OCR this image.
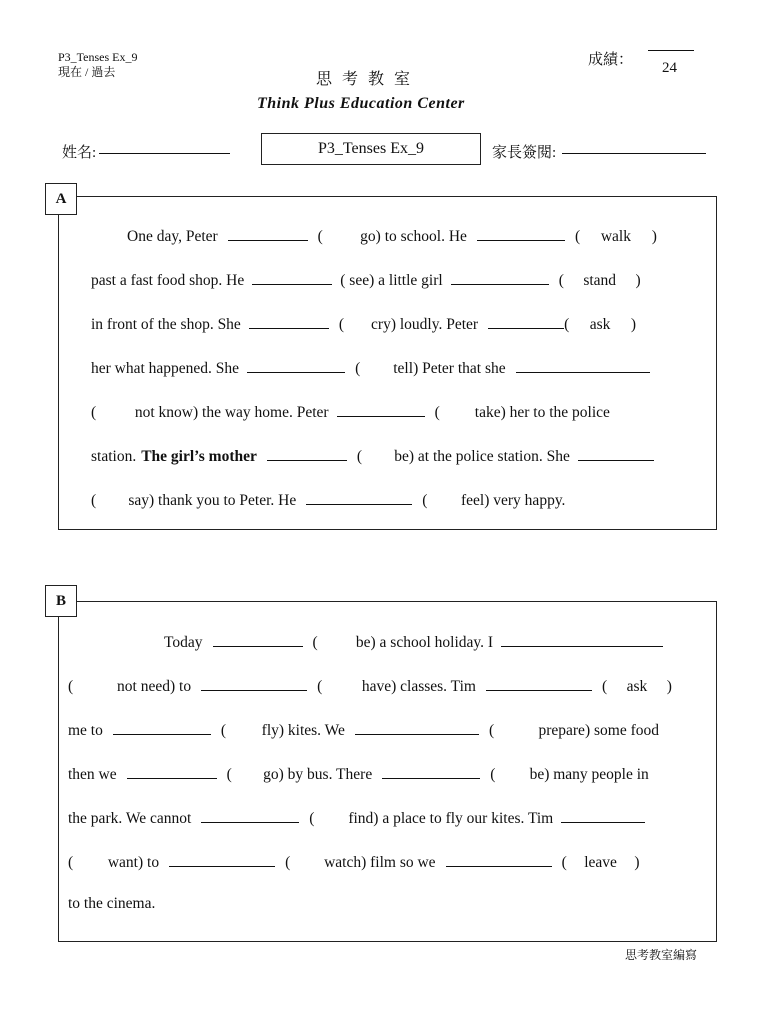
P3_Tenses Ex_9
現在 / 過去	思考教室
Think Plus Education Center
成績： 24
姓名:	P3_Tenses Ex_9	家長簽閱:
A
One day, Peter	( go ) to school. He	( walk )
past a fast food shop. He	( see ) a little girl	( stand )
in front of the shop. She	( cry ) loudly. Peter	( ask )
her what happened. She	( tell ) Peter that she
( not know ) the way home. Peter	( take ) her to the police
station. The girl’s mother	( be ) at the police station. She
( say ) thank you to Peter. He	( feel ) very happy.
B
Today	( be ) a school holiday. I
(	not need ) to	(	have ) classes. Tim	( ask )
me to	( fly ) kites. We	(	prepare ) some food
then we	( go ) by bus. There	( be ) many people in
the park. We cannot	( find ) a place to fly our kites. Tim
( want ) to	( watch ) film so we	( leave )
to the cinema.
思考教室編寫
